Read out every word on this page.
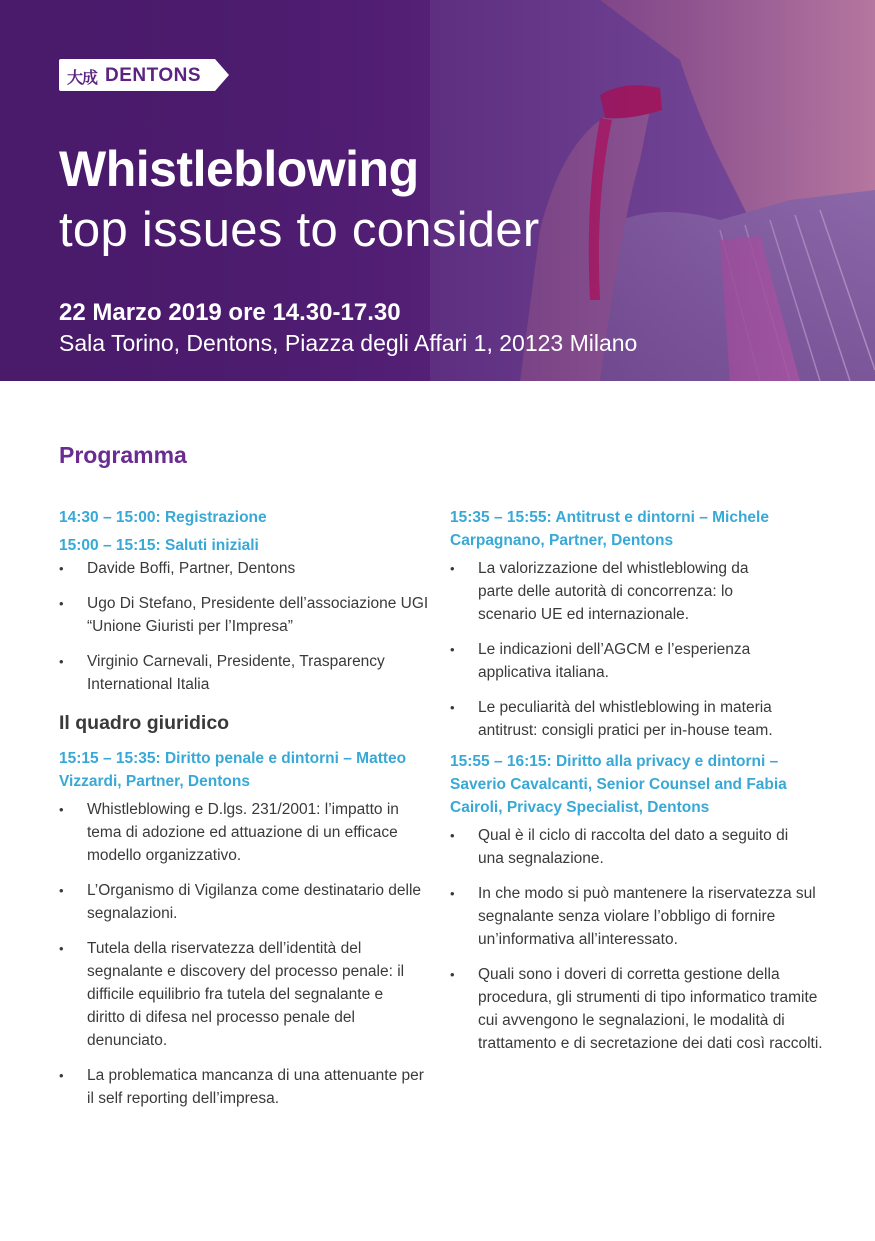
大成 DENTONS
Whistleblowing
top issues to consider
22 Marzo 2019 ore 14.30-17.30
Sala Torino, Dentons, Piazza degli Affari 1, 20123 Milano
Programma
14:30 – 15:00: Registrazione
15:00 – 15:15: Saluti iniziali
• Davide Boffi, Partner, Dentons
• Ugo Di Stefano, Presidente dell’associazione UGI “Unione Giuristi per l’Impresa”
• Virginio Carnevali, Presidente, Trasparency International Italia
Il quadro giuridico
15:15 – 15:35: Diritto penale e dintorni – Matteo Vizzardi, Partner, Dentons
• Whistleblowing e D.lgs. 231/2001: l’impatto in tema di adozione ed attuazione di un efficace modello organizzativo.
• L’Organismo di Vigilanza come destinatario delle segnalazioni.
• Tutela della riservatezza dell’identità del segnalante e discovery del processo penale: il difficile equilibrio fra tutela del segnalante e diritto di difesa nel processo penale del denunciato.
• La problematica mancanza di una attenuante per il self reporting dell’impresa.
15:35 – 15:55: Antitrust e dintorni – Michele Carpagnano, Partner, Dentons
• La valorizzazione del whistleblowing da parte delle autorità di concorrenza: lo scenario UE ed internazionale.
• Le indicazioni dell’AGCM e l’esperienza applicativa italiana.
• Le peculiarità del whistleblowing in materia antitrust: consigli pratici per in-house team.
15:55 – 16:15: Diritto alla privacy e dintorni – Saverio Cavalcanti, Senior Counsel and Fabia Cairoli, Privacy Specialist, Dentons
• Qual è il ciclo di raccolta del dato a seguito di una segnalazione.
• In che modo si può mantenere la riservatezza sul segnalante senza violare l’obbligo di fornire un’informativa all’interessato.
• Quali sono i doveri di corretta gestione della procedura, gli strumenti di tipo informatico tramite cui avvengono le segnalazioni, le modalità di trattamento e di secretazione dei dati così raccolti.
